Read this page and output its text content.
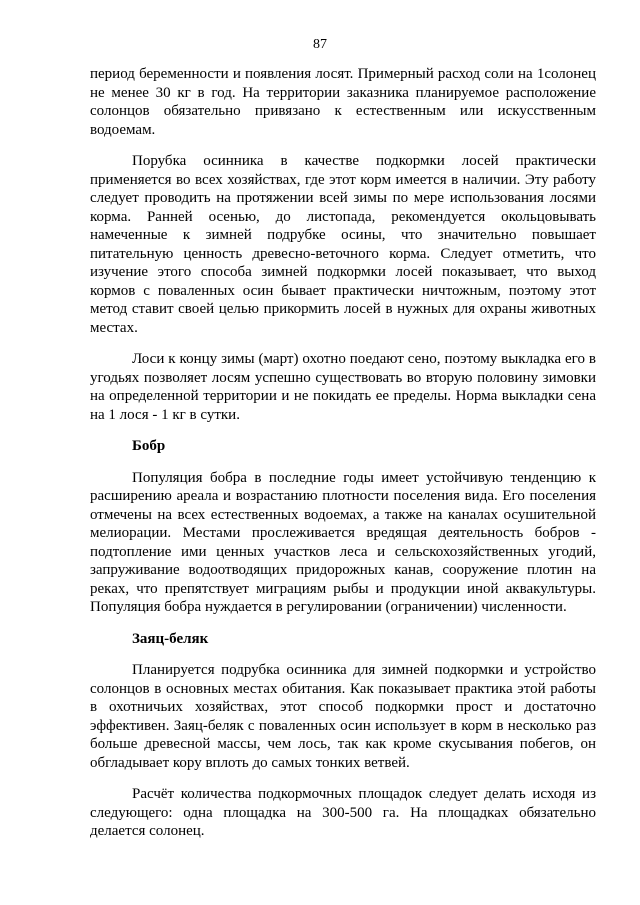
87

период беременности и появления лосят. Примерный расход соли на 1солонец не менее 30 кг в год. На территории заказника планируемое расположение солонцов обязательно привязано к естественным или искусственным водоемам.

Порубка осинника в качестве подкормки лосей практически применяется во всех хозяйствах, где этот корм имеется в наличии. Эту работу следует проводить на протяжении всей зимы по мере использования лосями корма. Ранней осенью, до листопада, рекомендуется окольцовывать намеченные к зимней подрубке осины, что значительно повышает питательную ценность древесно-веточного корма. Следует отметить, что изучение этого способа зимней подкормки лосей показывает, что выход кормов с поваленных осин бывает практически ничтожным, поэтому этот метод ставит своей целью прикормить лосей в нужных для охраны животных местах.

Лоси к концу зимы (март) охотно поедают сено, поэтому выкладка его в угодьях позволяет лосям успешно существовать во вторую половину зимовки на определенной территории и не покидать ее пределы. Норма выкладки сена на 1 лося - 1 кг в сутки.

Бобр

Популяция бобра в последние годы имеет устойчивую тенденцию к расширению ареала и возрастанию плотности поселения вида. Его поселения отмечены на всех естественных водоемах, а также на каналах осушительной мелиорации. Местами прослеживается вредящая деятельность бобров - подтопление ими ценных участков леса и сельскохозяйственных угодий, запруживание водоотводящих придорожных канав, сооружение плотин на реках, что препятствует миграциям рыбы и продукции иной аквакультуры. Популяция бобра нуждается в регулировании (ограничении) численности.

Заяц-беляк

Планируется подрубка осинника для зимней подкормки и устройство солонцов в основных местах обитания. Как показывает практика этой работы в охотничьих хозяйствах, этот способ подкормки прост и достаточно эффективен. Заяц-беляк с поваленных осин использует в корм в несколько раз больше древесной массы, чем лось, так как кроме скусывания побегов, он обгладывает кору вплоть до самых тонких ветвей.

Расчёт количества подкормочных площадок следует делать исходя из следующего: одна площадка на 300-500 га. На площадках обязательно делается солонец.
